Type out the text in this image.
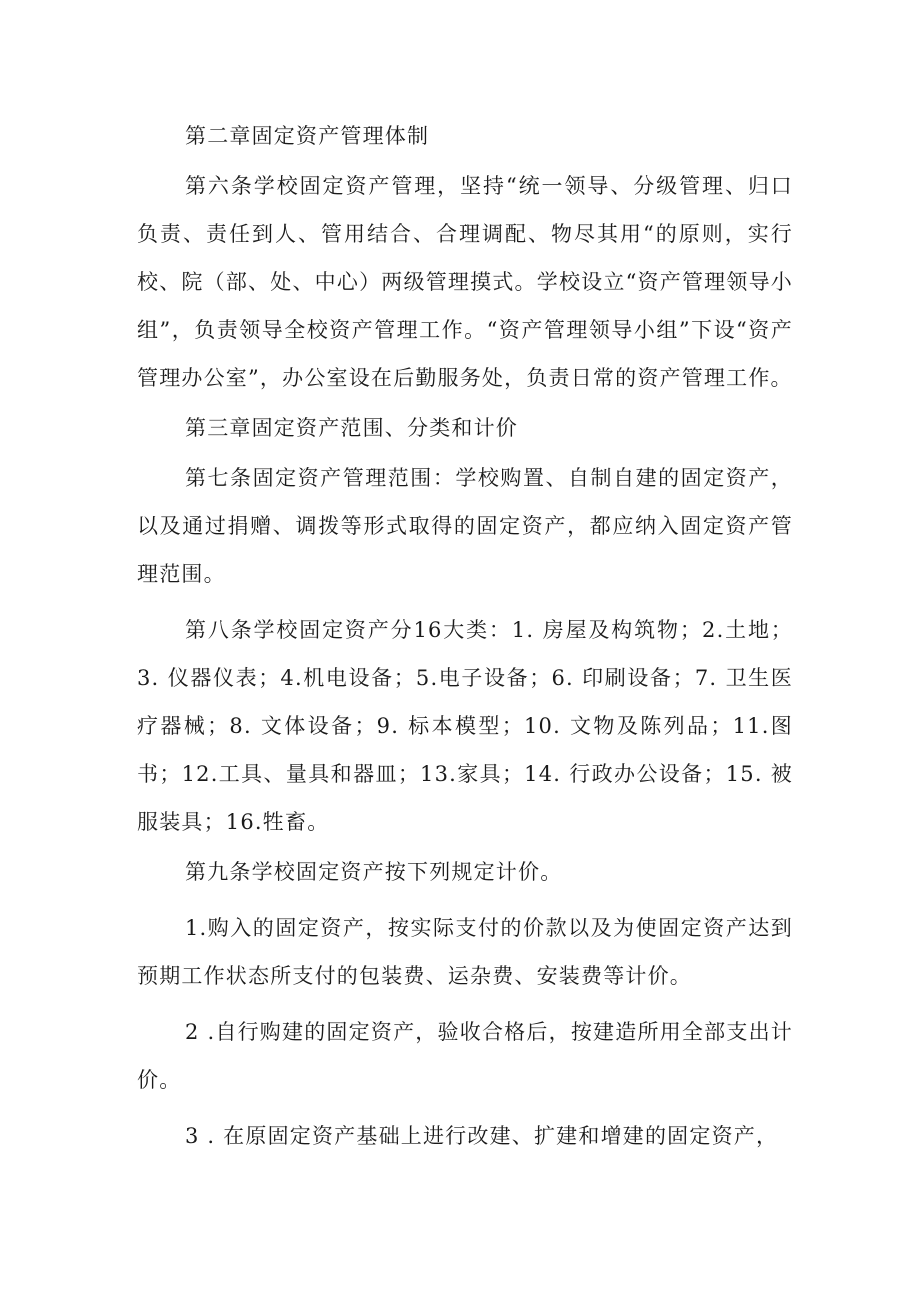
第二章固定资产管理体制

第六条学校固定资产管理，坚持“统一领导、分级管理、归口负责、责任到人、管用结合、合理调配、物尽其用“的原则，实行校、院（部、处、中心）两级管理摸式。学校设立“资产管理领导小组”，负责领导全校资产管理工作。“资产管理领导小组”下设“资产管理办公室”，办公室设在后勤服务处，负责日常的资产管理工作。

第三章固定资产范围、分类和计价

第七条固定资产管理范围：学校购置、自制自建的固定资产，以及通过捐赠、调拨等形式取得的固定资产，都应纳入固定资产管理范围。

第八条学校固定资产分16大类：1. 房屋及构筑物；2.土地；3. 仪器仪表；4.机电设备；5.电子设备；6. 印刷设备；7. 卫生医疗器械；8. 文体设备；9. 标本模型；10. 文物及陈列品；11.图书；12.工具、量具和器皿；13.家具；14. 行政办公设备；15. 被服装具；16.牲畜。

第九条学校固定资产按下列规定计价。

1.购入的固定资产，按实际支付的价款以及为使固定资产达到预期工作状态所支付的包装费、运杂费、安装费等计价。

2 .自行购建的固定资产，验收合格后，按建造所用全部支出计价。

3 . 在原固定资产基础上进行改建、扩建和增建的固定资产，
